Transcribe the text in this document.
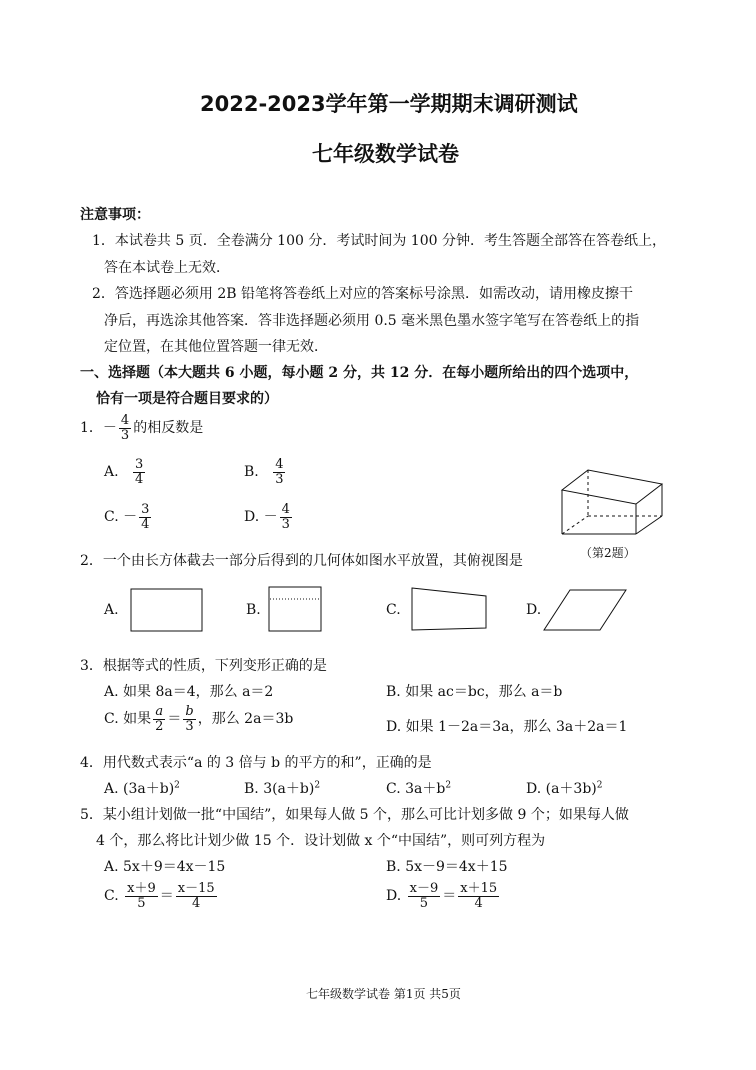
2022-2023学年第一学期期末调研测试
七年级数学试卷
注意事项：
1．本试卷共 5 页．全卷满分 100 分．考试时间为 100 分钟．考生答题全部答在答卷纸上，
答在本试卷上无效．
2．答选择题必须用 2B 铅笔将答卷纸上对应的答案标号涂黑．如需改动，请用橡皮擦干
净后，再选涂其他答案．答非选择题必须用 0.5 毫米黑色墨水签字笔写在答卷纸上的指
定位置，在其他位置答题一律无效．
一、选择题（本大题共 6 小题，每小题 2 分，共 12 分．在每小题所给出的四个选项中，
恰有一项是符合题目要求的）
1．－ $\frac{4}{3}$ 的相反数是
A. $\frac{3}{4}$	B. $\frac{4}{3}$
C. － $\frac{3}{4}$	D. － $\frac{4}{3}$
（第2题）
2．一个由长方体截去一部分后得到的几何体如图水平放置，其俯视图是
A.	B.	C.	D.
3．根据等式的性质，下列变形正确的是
A. 如果 8a＝4，那么 a＝2	B. 如果 ac＝bc，那么 a＝b
C. 如果 $\frac{a}{2} = \frac{b}{3}$ ，那么 2a＝3b	D. 如果 1－2a＝3a，那么 3a＋2a＝1
4．用代数式表示“a 的 3 倍与 b 的平方的和”，正确的是
A. $(3a+b)^2$	B. $3(a+b)^2$	C. $3a+b^2$	D. $(a+3b)^2$
5．某小组计划做一批“中国结”，如果每人做 5 个，那么可比计划多做 9 个；如果每人做
4 个，那么将比计划少做 15 个．设计划做 x 个“中国结”，则可列方程为
A. 5x＋9＝4x－15	B. 5x－9＝4x＋15
C. $\frac{x+9}{5} = \frac{x-15}{4}$	D. $\frac{x-9}{5} = \frac{x+15}{4}$
七年级数学试卷 第1页 共5页
